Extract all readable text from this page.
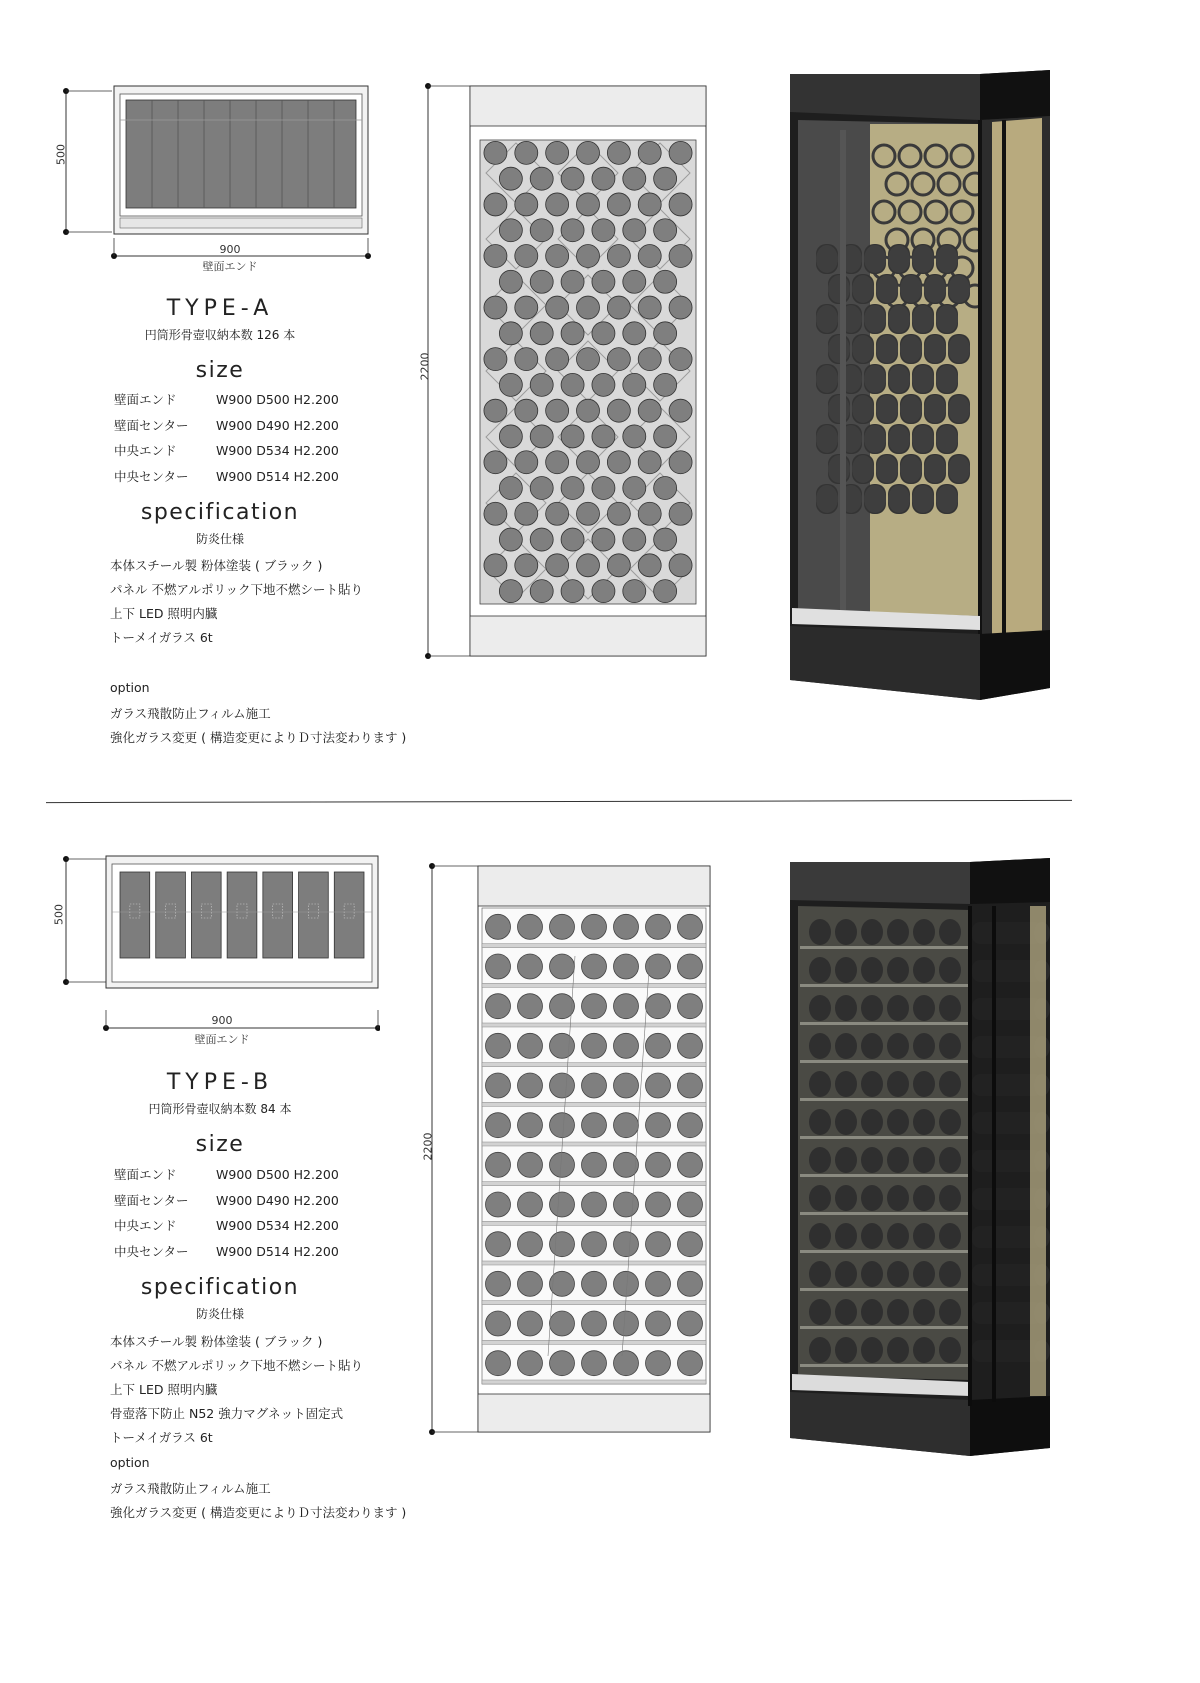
500
900
壁面エンド
TYPE-A
円筒形骨壺収納本数 126 本
size
壁面エンド	W900 D500 H2.200
壁面センター W900 D490 H2.200
中央エンド	W900 D534 H2.200
中央センター W900 D514 H2.200
specification
防炎仕様
本体スチール製 粉体塗装 ( ブラック )
パネル 不燃アルポリック下地不燃シート貼り
上下 LED 照明内臓
トーメイガラス 6t
option
ガラス飛散防止フィルム施工
強化ガラス変更 ( 構造変更によりＤ寸法変わります )
2200
500
900
壁面エンド
TYPE-B
円筒形骨壺収納本数 84 本
size
壁面エンド	W900 D500 H2.200
壁面センター W900 D490 H2.200
中央エンド	W900 D534 H2.200
中央センター W900 D514 H2.200
specification
防炎仕様
本体スチール製 粉体塗装 ( ブラック )
パネル 不燃アルポリック下地不燃シート貼り
上下 LED 照明内臓
骨壺落下防止 N52 強力マグネット固定式
トーメイガラス 6t
option
ガラス飛散防止フィルム施工
強化ガラス変更 ( 構造変更によりＤ寸法変わります )
2200
